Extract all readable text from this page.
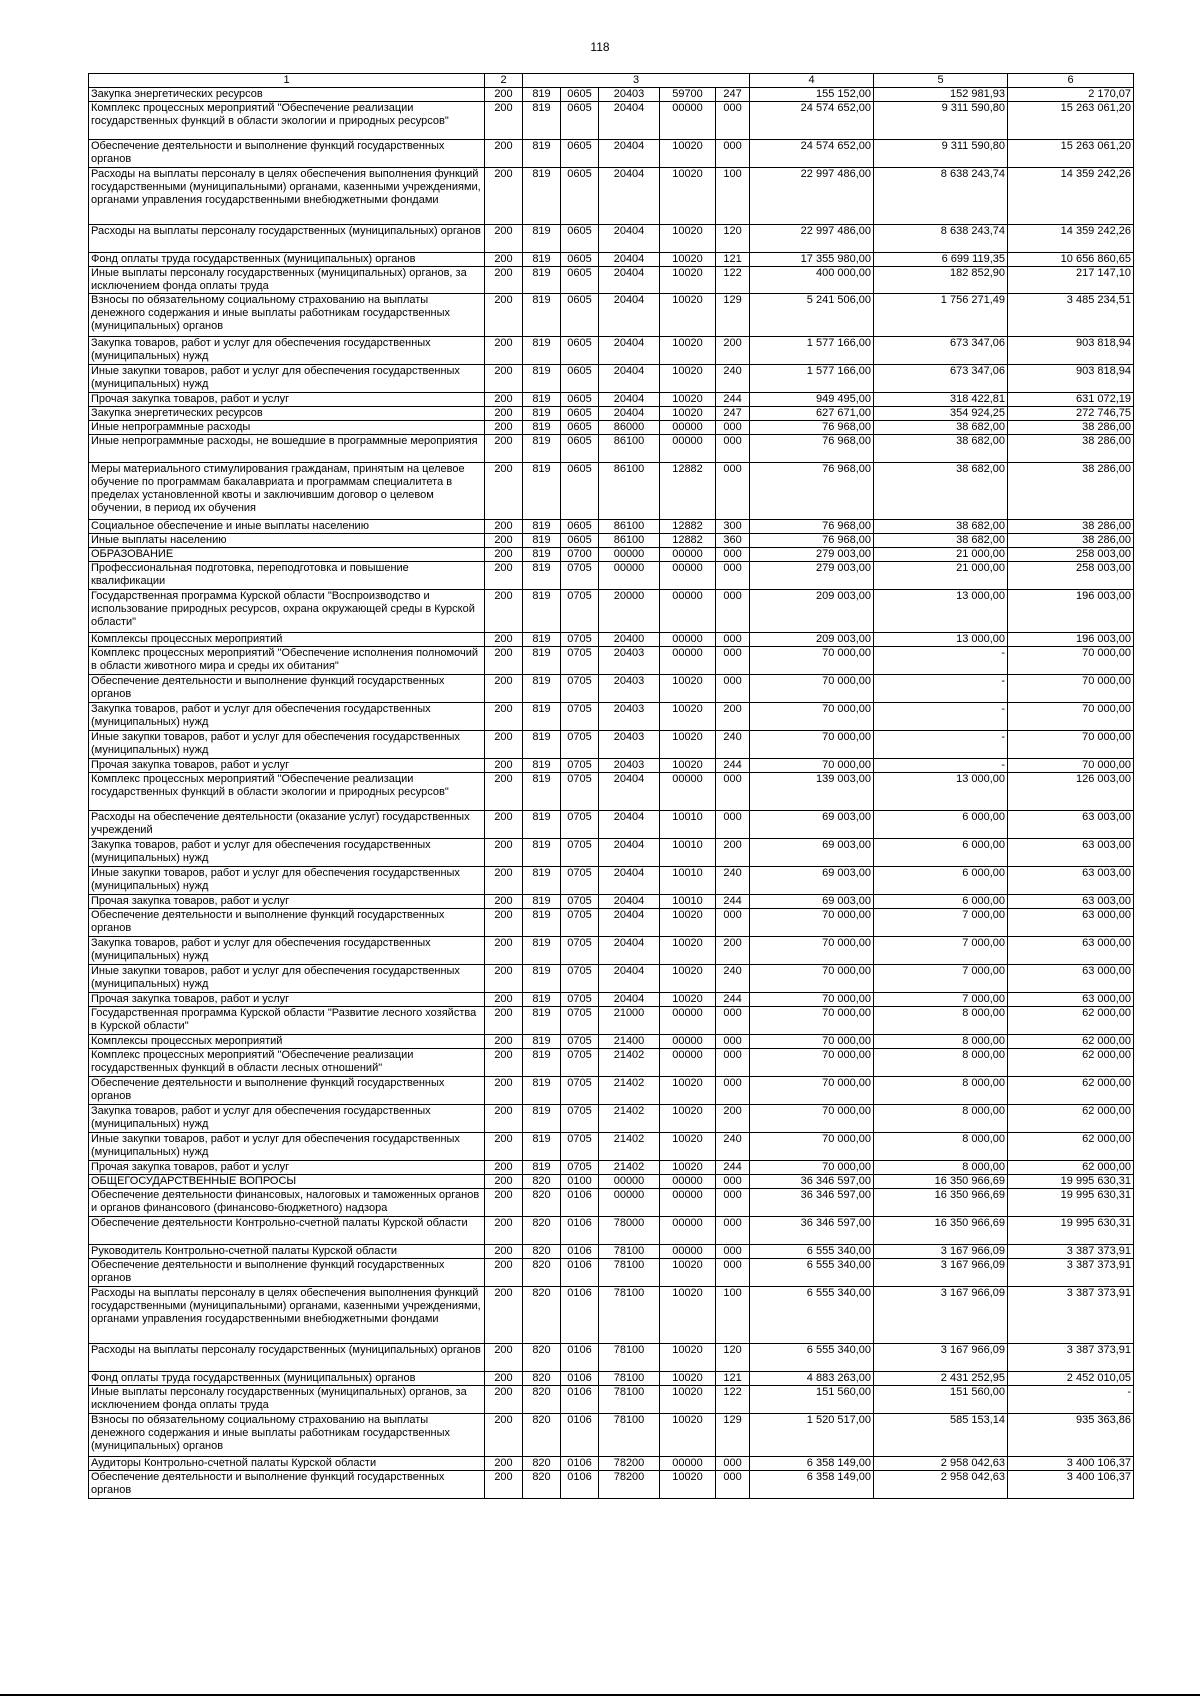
118
1	2	3					4	5	6
Закупка энергетических ресурсов	200	819	0605	20403	59700	247	155 152,00	152 981,93	2 170,07
Комплекс процессных мероприятий "Обеспечение реализации государственных функций в области экологии и природных ресурсов"	200	819	0605	20404	00000	000	24 574 652,00	9 311 590,80	15 263 061,20
Обеспечение деятельности и выполнение функций государственных органов	200	819	0605	20404	10020	000	24 574 652,00	9 311 590,80	15 263 061,20
Расходы на выплаты персоналу в целях обеспечения выполнения функций государственными (муниципальными) органами, казенными учреждениями, органами управления государственными внебюджетными фондами	200	819	0605	20404	10020	100	22 997 486,00	8 638 243,74	14 359 242,26
Расходы на выплаты персоналу государственных (муниципальных) органов	200	819	0605	20404	10020	120	22 997 486,00	8 638 243,74	14 359 242,26
Фонд оплаты труда государственных (муниципальных) органов	200	819	0605	20404	10020	121	17 355 980,00	6 699 119,35	10 656 860,65
Иные выплаты персоналу государственных (муниципальных) органов, за исключением фонда оплаты труда	200	819	0605	20404	10020	122	400 000,00	182 852,90	217 147,10
Взносы по обязательному социальному страхованию на выплаты денежного содержания и иные выплаты работникам государственных (муниципальных) органов	200	819	0605	20404	10020	129	5 241 506,00	1 756 271,49	3 485 234,51
Закупка товаров, работ и услуг для обеспечения государственных (муниципальных) нужд	200	819	0605	20404	10020	200	1 577 166,00	673 347,06	903 818,94
Иные закупки товаров, работ и услуг для обеспечения государственных (муниципальных) нужд	200	819	0605	20404	10020	240	1 577 166,00	673 347,06	903 818,94
Прочая закупка товаров, работ и услуг	200	819	0605	20404	10020	244	949 495,00	318 422,81	631 072,19
Закупка энергетических ресурсов	200	819	0605	20404	10020	247	627 671,00	354 924,25	272 746,75
Иные непрограммные расходы	200	819	0605	86000	00000	000	76 968,00	38 682,00	38 286,00
Иные непрограммные расходы, не вошедшие в программные мероприятия	200	819	0605	86100	00000	000	76 968,00	38 682,00	38 286,00
Меры материального стимулирования гражданам, принятым на целевое обучение по программам бакалавриата и программам специалитета в пределах установленной квоты и заключившим договор о целевом обучении, в период их обучения	200	819	0605	86100	12882	000	76 968,00	38 682,00	38 286,00
Социальное обеспечение и иные выплаты населению	200	819	0605	86100	12882	300	76 968,00	38 682,00	38 286,00
Иные выплаты населению	200	819	0605	86100	12882	360	76 968,00	38 682,00	38 286,00
ОБРАЗОВАНИЕ	200	819	0700	00000	00000	000	279 003,00	21 000,00	258 003,00
Профессиональная подготовка, переподготовка и повышение квалификации	200	819	0705	00000	00000	000	279 003,00	21 000,00	258 003,00
Государственная программа Курской области "Воспроизводство и использование природных ресурсов, охрана окружающей среды в Курской области"	200	819	0705	20000	00000	000	209 003,00	13 000,00	196 003,00
Комплексы процессных мероприятий	200	819	0705	20400	00000	000	209 003,00	13 000,00	196 003,00
Комплекс процессных мероприятий "Обеспечение исполнения полномочий в области животного мира и среды их обитания"	200	819	0705	20403	00000	000	70 000,00	-	70 000,00
Обеспечение деятельности и выполнение функций государственных органов	200	819	0705	20403	10020	000	70 000,00	-	70 000,00
Закупка товаров, работ и услуг для обеспечения государственных (муниципальных) нужд	200	819	0705	20403	10020	200	70 000,00	-	70 000,00
Иные закупки товаров, работ и услуг для обеспечения государственных (муниципальных) нужд	200	819	0705	20403	10020	240	70 000,00	-	70 000,00
Прочая закупка товаров, работ и услуг	200	819	0705	20403	10020	244	70 000,00	-	70 000,00
Комплекс процессных мероприятий "Обеспечение реализации государственных функций в области экологии и природных ресурсов"	200	819	0705	20404	00000	000	139 003,00	13 000,00	126 003,00
Расходы на обеспечение деятельности (оказание услуг) государственных учреждений	200	819	0705	20404	10010	000	69 003,00	6 000,00	63 003,00
Закупка товаров, работ и услуг для обеспечения государственных (муниципальных) нужд	200	819	0705	20404	10010	200	69 003,00	6 000,00	63 003,00
Иные закупки товаров, работ и услуг для обеспечения государственных (муниципальных) нужд	200	819	0705	20404	10010	240	69 003,00	6 000,00	63 003,00
Прочая закупка товаров, работ и услуг	200	819	0705	20404	10010	244	69 003,00	6 000,00	63 003,00
Обеспечение деятельности и выполнение функций государственных органов	200	819	0705	20404	10020	000	70 000,00	7 000,00	63 000,00
Закупка товаров, работ и услуг для обеспечения государственных (муниципальных) нужд	200	819	0705	20404	10020	200	70 000,00	7 000,00	63 000,00
Иные закупки товаров, работ и услуг для обеспечения государственных (муниципальных) нужд	200	819	0705	20404	10020	240	70 000,00	7 000,00	63 000,00
Прочая закупка товаров, работ и услуг	200	819	0705	20404	10020	244	70 000,00	7 000,00	63 000,00
Государственная программа Курской области "Развитие лесного хозяйства в Курской области"	200	819	0705	21000	00000	000	70 000,00	8 000,00	62 000,00
Комплексы процессных мероприятий	200	819	0705	21400	00000	000	70 000,00	8 000,00	62 000,00
Комплекс процессных мероприятий "Обеспечение реализации государственных функций в области лесных отношений"	200	819	0705	21402	00000	000	70 000,00	8 000,00	62 000,00
Обеспечение деятельности и выполнение функций государственных органов	200	819	0705	21402	10020	000	70 000,00	8 000,00	62 000,00
Закупка товаров, работ и услуг для обеспечения государственных (муниципальных) нужд	200	819	0705	21402	10020	200	70 000,00	8 000,00	62 000,00
Иные закупки товаров, работ и услуг для обеспечения государственных (муниципальных) нужд	200	819	0705	21402	10020	240	70 000,00	8 000,00	62 000,00
Прочая закупка товаров, работ и услуг	200	819	0705	21402	10020	244	70 000,00	8 000,00	62 000,00
ОБЩЕГОСУДАРСТВЕННЫЕ ВОПРОСЫ	200	820	0100	00000	00000	000	36 346 597,00	16 350 966,69	19 995 630,31
Обеспечение деятельности финансовых, налоговых и таможенных органов и органов финансового (финансово-бюджетного) надзора	200	820	0106	00000	00000	000	36 346 597,00	16 350 966,69	19 995 630,31
Обеспечение деятельности Контрольно-счетной палаты Курской области	200	820	0106	78000	00000	000	36 346 597,00	16 350 966,69	19 995 630,31
Руководитель Контрольно-счетной палаты Курской области	200	820	0106	78100	00000	000	6 555 340,00	3 167 966,09	3 387 373,91
Обеспечение деятельности и выполнение функций государственных органов	200	820	0106	78100	10020	000	6 555 340,00	3 167 966,09	3 387 373,91
Расходы на выплаты персоналу в целях обеспечения выполнения функций государственными (муниципальными) органами, казенными учреждениями, органами управления государственными внебюджетными фондами	200	820	0106	78100	10020	100	6 555 340,00	3 167 966,09	3 387 373,91
Расходы на выплаты персоналу государственных (муниципальных) органов	200	820	0106	78100	10020	120	6 555 340,00	3 167 966,09	3 387 373,91
Фонд оплаты труда государственных (муниципальных) органов	200	820	0106	78100	10020	121	4 883 263,00	2 431 252,95	2 452 010,05
Иные выплаты персоналу государственных (муниципальных) органов, за исключением фонда оплаты труда	200	820	0106	78100	10020	122	151 560,00	151 560,00	-
Взносы по обязательному социальному страхованию на выплаты денежного содержания и иные выплаты работникам государственных (муниципальных) органов	200	820	0106	78100	10020	129	1 520 517,00	585 153,14	935 363,86
Аудиторы Контрольно-счетной палаты Курской области	200	820	0106	78200	00000	000	6 358 149,00	2 958 042,63	3 400 106,37
Обеспечение деятельности и выполнение функций государственных органов	200	820	0106	78200	10020	000	6 358 149,00	2 958 042,63	3 400 106,37
